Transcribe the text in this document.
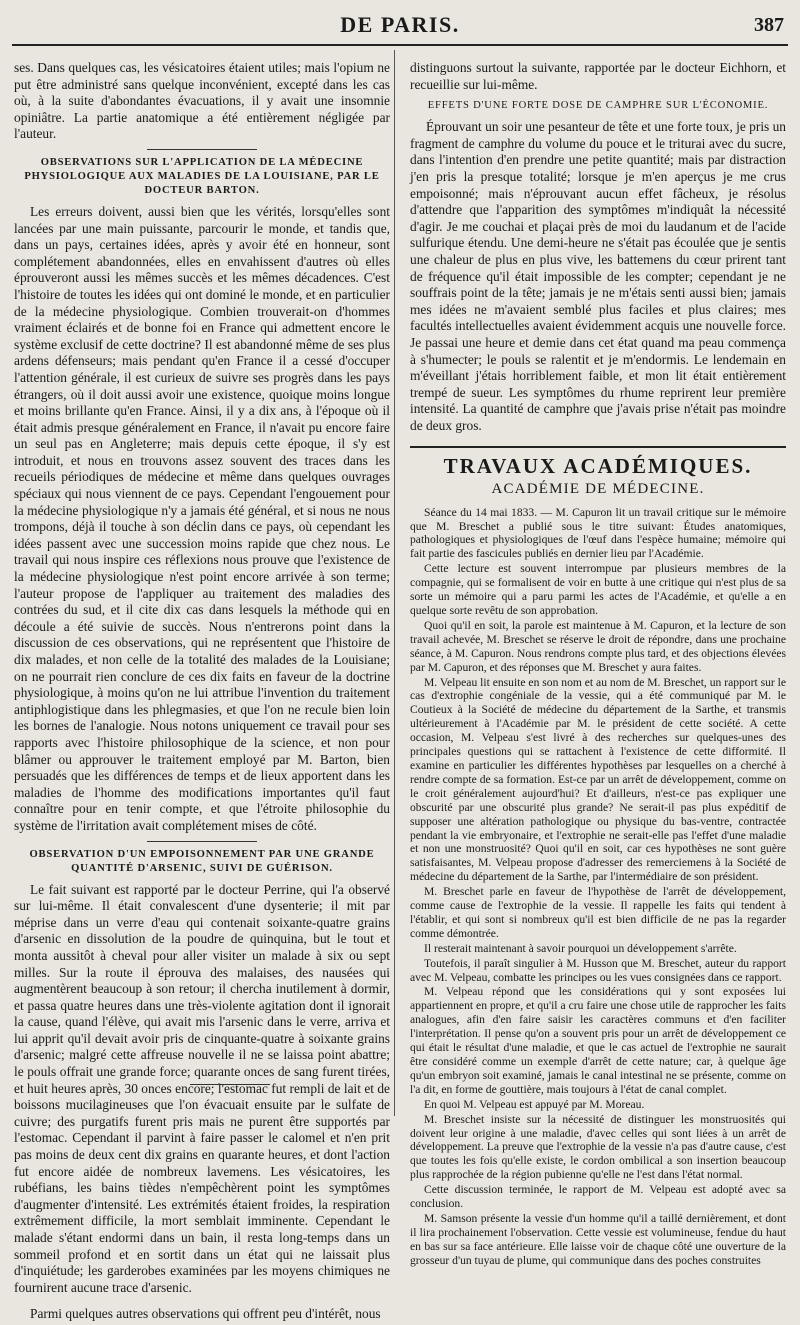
DE PARIS.	387

ses. Dans quelques cas, les vésicatoires étaient utiles; mais l'opium ne put être administré sans quelque inconvénient, excepté dans les cas où, à la suite d'abondantes évacuations, il y avait une insomnie opiniâtre. La partie anatomique a été entièrement négligée par l'auteur.

OBSERVATIONS SUR L'APPLICATION DE LA MÉDECINE PHYSIOLOGIQUE AUX MALADIES DE LA LOUISIANE, PAR LE DOCTEUR BARTON.

Les erreurs doivent, aussi bien que les vérités, lorsqu'elles sont lancées par une main puissante, parcourir le monde, et tandis que, dans un pays, certaines idées, après y avoir été en honneur, sont complétement abandonnées, elles en envahissent d'autres où elles éprouveront aussi les mêmes succès et les mêmes décadences. C'est l'histoire de toutes les idées qui ont dominé le monde, et en particulier de la médecine physiologique. Combien trouverait-on d'hommes vraiment éclairés et de bonne foi en France qui admettent encore le système exclusif de cette doctrine? Il est abandonné même de ses plus ardens défenseurs; mais pendant qu'en France il a cessé d'occuper l'attention générale, il est curieux de suivre ses progrès dans les pays étrangers, où il doit aussi avoir une existence, quoique moins longue et moins brillante qu'en France. Ainsi, il y a dix ans, à l'époque où il était admis presque généralement en France, il n'avait pu encore faire un seul pas en Angleterre; mais depuis cette époque, il s'y est introduit, et nous en trouvons assez souvent des traces dans les recueils périodiques de médecine et même dans quelques ouvrages spéciaux qui nous viennent de ce pays. Cependant l'engouement pour la médecine physiologique n'y a jamais été général, et si nous ne nous trompons, déjà il touche à son déclin dans ce pays, où cependant les idées passent avec une succession moins rapide que chez nous. Le travail qui nous inspire ces réflexions nous prouve que l'existence de la médecine physiologique n'est point encore arrivée à son terme; l'auteur propose de l'appliquer au traitement des maladies des contrées du sud, et il cite dix cas dans lesquels la méthode qui en découle a été suivie de succès. Nous n'entrerons point dans la discussion de ces observations, qui ne représentent que l'histoire de dix malades, et non celle de la totalité des malades de la Louisiane; on ne pourrait rien conclure de ces dix faits en faveur de la doctrine physiologique, à moins qu'on ne lui attribue l'invention du traitement antiphlogistique dans les phlegmasies, et que l'on ne recule bien loin les bornes de l'analogie. Nous notons uniquement ce travail pour ses rapports avec l'histoire philosophique de la science, et non pour blâmer ou approuver le traitement employé par M. Barton, bien persuadés que les différences de temps et de lieux apportent dans les maladies de l'homme des modifications importantes qu'il faut connaître pour en tenir compte, et que l'étroite philosophie du système de l'irritation avait complétement mises de côté.

OBSERVATION D'UN EMPOISONNEMENT PAR UNE GRANDE QUANTITÉ D'ARSENIC, SUIVI DE GUÉRISON.

Le fait suivant est rapporté par le docteur Perrine, qui l'a observé sur lui-même. Il était convalescent d'une dysenterie; il mit par méprise dans un verre d'eau qui contenait soixante-quatre grains d'arsenic en dissolution de la poudre de quinquina, but le tout et monta aussitôt à cheval pour aller visiter un malade à six ou sept milles. Sur la route il éprouva des malaises, des nausées qui augmentèrent beaucoup à son retour; il chercha inutilement à dormir, et passa quatre heures dans une très-violente agitation dont il ignorait la cause, quand l'élève, qui avait mis l'arsenic dans le verre, arriva et lui apprit qu'il devait avoir pris de cinquante-quatre à soixante grains d'arsenic; malgré cette affreuse nouvelle il ne se laissa point abattre; le pouls offrait une grande force; quarante onces de sang furent tirées, et huit heures après, 30 onces encore; l'estomac fut rempli de lait et de boissons mucilagineuses que l'on évacuait ensuite par le sulfate de cuivre; des purgatifs furent pris mais ne purent être supportés par l'estomac. Cependant il parvint à faire passer le calomel et n'en prit pas moins de deux cent dix grains en quarante heures, et dont l'action fut encore aidée de nombreux lavemens. Les vésicatoires, les rubéfians, les bains tièdes n'empêchèrent point les symptômes d'augmenter d'intensité. Les extrémités étaient froides, la respiration extrêmement difficile, la mort semblait imminente. Cependant le malade s'étant endormi dans un bain, il resta long-temps dans un sommeil profond et en sortit dans un état qui ne laissait plus d'inquiétude; les garderobes examinées par les moyens chimiques ne fournirent aucune trace d'arsenic.

Parmi quelques autres observations qui offrent peu d'intérêt, nous

distinguons surtout la suivante, rapportée par le docteur Eichhorn, et recueillie sur lui-même.

EFFETS D'UNE FORTE DOSE DE CAMPHRE SUR L'ÉCONOMIE.

Éprouvant un soir une pesanteur de tête et une forte toux, je pris un fragment de camphre du volume du pouce et le triturai avec du sucre, dans l'intention d'en prendre une petite quantité; mais par distraction j'en pris la presque totalité; lorsque je m'en aperçus je me crus empoisonné; mais n'éprouvant aucun effet fâcheux, je résolus d'attendre que l'apparition des symptômes m'indiquât la nécessité d'agir. Je me couchai et plaçai près de moi du laudanum et de l'acide sulfurique étendu. Une demi-heure ne s'était pas écoulée que je sentis une chaleur de plus en plus vive, les battemens du cœur prirent tant de fréquence qu'il était impossible de les compter; cependant je ne souffrais point de la tête; jamais je ne m'étais senti aussi bien; jamais mes idées ne m'avaient semblé plus faciles et plus claires; mes facultés intellectuelles avaient évidemment acquis une nouvelle force. Je passai une heure et demie dans cet état quand ma peau commença à s'humecter; le pouls se ralentit et je m'endormis. Le lendemain en m'éveillant j'étais horriblement faible, et mon lit était entièrement trempé de sueur. Les symptômes du rhume reprirent leur première intensité. La quantité de camphre que j'avais prise n'était pas moindre de deux gros.

TRAVAUX ACADÉMIQUES.
ACADÉMIE DE MÉDECINE.

Séance du 14 mai 1833. — M. Capuron lit un travail critique sur le mémoire que M. Breschet a publié sous le titre suivant: Études anatomiques, pathologiques et physiologiques de l'œuf dans l'espèce humaine; mémoire qui fait partie des fascicules publiés en dernier lieu par l'Académie.

Cette lecture est souvent interrompue par plusieurs membres de la compagnie, qui se formalisent de voir en butte à une critique qui n'est plus de sa sorte un mémoire qui a paru parmi les actes de l'Académie, et qu'elle a en quelque sorte revêtu de son approbation.

Quoi qu'il en soit, la parole est maintenue à M. Capuron, et la lecture de son travail achevée, M. Breschet se réserve le droit de répondre, dans une prochaine séance, à M. Capuron. Nous rendrons compte plus tard, et des objections élevées par M. Capuron, et des réponses que M. Breschet y aura faites.

M. Velpeau lit ensuite en son nom et au nom de M. Breschet, un rapport sur le cas d'extrophie congéniale de la vessie, qui a été communiqué par M. le Coutieux à la Société de médecine du département de la Sarthe, et transmis ultérieurement à l'Académie par M. le président de cette société. A cette occasion, M. Velpeau s'est livré à des recherches sur quelques-unes des principales questions qui se rattachent à l'existence de cette difformité. Il examine en particulier les différentes hypothèses par lesquelles on a cherché à rendre compte de sa formation. Est-ce par un arrêt de développement, comme on le croit généralement aujourd'hui? Et d'ailleurs, n'est-ce pas expliquer une obscurité par une obscurité plus grande? Ne serait-il pas plus expéditif de supposer une altération pathologique ou physique du bas-ventre, contractée pendant la vie embryonaire, et l'extrophie ne serait-elle pas l'effet d'une maladie et non une monstruosité? Quoi qu'il en soit, car ces hypothèses ne sont guère satisfaisantes, M. Velpeau propose d'adresser des remerciemens à la Société de médecine du département de la Sarthe, par l'intermédiaire de son président.

M. Breschet parle en faveur de l'hypothèse de l'arrêt de développement, comme cause de l'extrophie de la vessie. Il rappelle les faits qui tendent à l'établir, et qui sont si nombreux qu'il est bien difficile de ne pas la regarder comme démontrée.

Il resterait maintenant à savoir pourquoi un développement s'arrête.

Toutefois, il paraît singulier à M. Husson que M. Breschet, auteur du rapport avec M. Velpeau, combatte les principes ou les vues consignées dans ce rapport.

M. Velpeau répond que les considérations qui y sont exposées lui appartiennent en propre, et qu'il a cru faire une chose utile de rapprocher les faits analogues, afin d'en faire saisir les caractères communs et d'en faciliter l'interprétation. Il pense qu'on a souvent pris pour un arrêt de développement ce qui était le résultat d'une maladie, et que le cas actuel de l'extrophie ne saurait être considéré comme un exemple d'arrêt de cette nature; car, à quelque âge qu'un embryon soit examiné, jamais le canal intestinal ne se présente, comme on l'a dit, en forme de gouttière, mais toujours à l'état de canal complet.

En quoi M. Velpeau est appuyé par M. Moreau.

M. Breschet insiste sur la nécessité de distinguer les monstruosités qui doivent leur origine à une maladie, d'avec celles qui sont liées à un arrêt de développement. La preuve que l'extrophie de la vessie n'a pas d'autre cause, c'est que toutes les fois qu'elle existe, le cordon ombilical a son insertion beaucoup plus rapprochée de la région pubienne qu'elle ne l'est dans l'état normal.

Cette discussion terminée, le rapport de M. Velpeau est adopté avec sa conclusion.

M. Samson présente la vessie d'un homme qu'il a taillé dernièrement, et dont il lira prochainement l'observation. Cette vessie est volumineuse, fendue du haut en bas sur sa face antérieure. Elle laisse voir de chaque côté une ouverture de la grosseur d'un tuyau de plume, qui communique dans des poches construites
